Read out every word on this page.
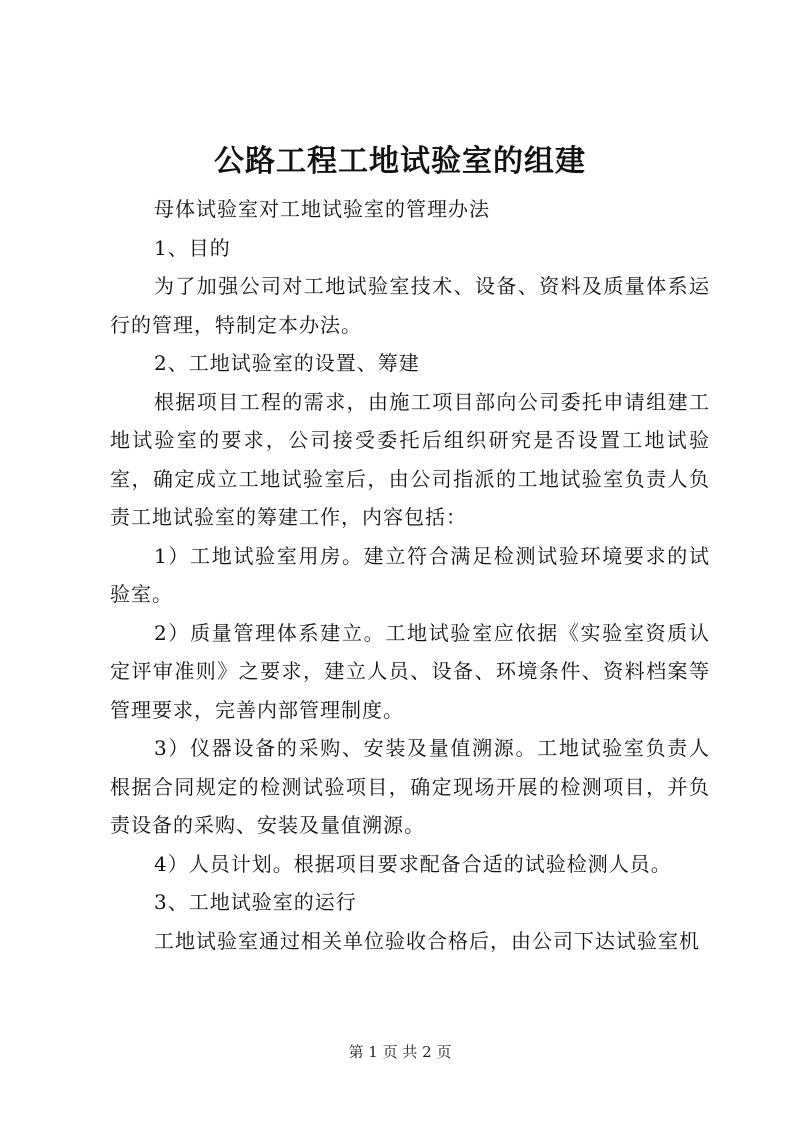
公路工程工地试验室的组建

母体试验室对工地试验室的管理办法

1、目的

为了加强公司对工地试验室技术、设备、资料及质量体系运行的管理，特制定本办法。

2、工地试验室的设置、筹建

根据项目工程的需求，由施工项目部向公司委托申请组建工地试验室的要求，公司接受委托后组织研究是否设置工地试验室，确定成立工地试验室后，由公司指派的工地试验室负责人负责工地试验室的筹建工作，内容包括：

1）工地试验室用房。建立符合满足检测试验环境要求的试验室。

2）质量管理体系建立。工地试验室应依据《实验室资质认定评审准则》之要求，建立人员、设备、环境条件、资料档案等管理要求，完善内部管理制度。

3）仪器设备的采购、安装及量值溯源。工地试验室负责人根据合同规定的检测试验项目，确定现场开展的检测项目，并负责设备的采购、安装及量值溯源。

4）人员计划。根据项目要求配备合适的试验检测人员。

3、工地试验室的运行

工地试验室通过相关单位验收合格后，由公司下达试验室机

第 1 页 共 2 页
